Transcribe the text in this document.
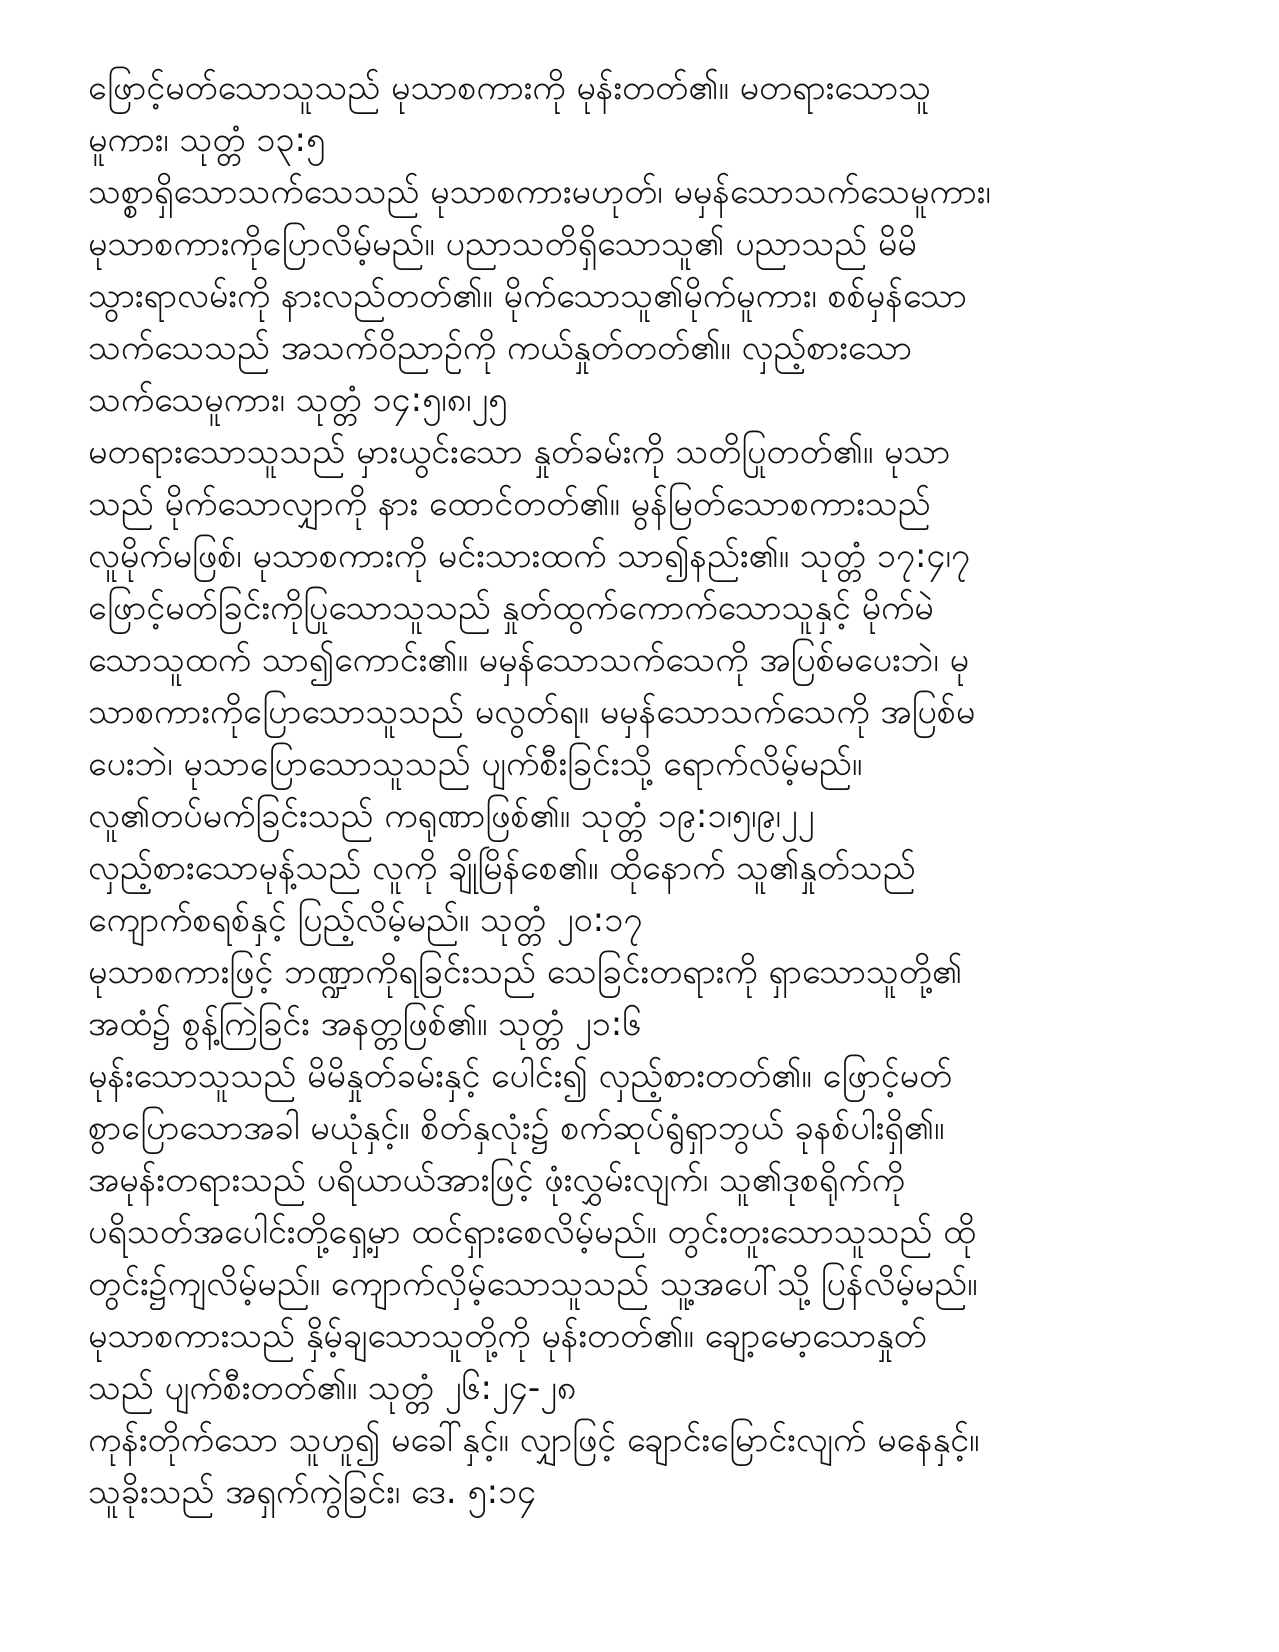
ဖြောင့်မတ်သောသူသည် မုသာစကားကို မုန်းတတ်၏။ မတရားသောသူ
မူကား၊ သုတ္တံ ၁၃:၅
သစ္စာရှိသောသက်သေသည် မုသာစကားမဟုတ်၊ မမှန်သောသက်သေမူကား၊
မုသာစကားကိုပြောလိမ့်မည်။ ပညာသတိရှိသောသူ၏ ပညာသည် မိမိ
သွားရာလမ်းကို နားလည်တတ်၏။ မိုက်သောသူ၏မိုက်မူကား၊ စစ်မှန်သော
သက်သေသည် အသက်ဝိညာဉ်ကို ကယ်နှုတ်တတ်၏။ လှည့်စားသော
သက်သေမူကား၊ သုတ္တံ ၁၄:၅၊၈၊၂၅
မတရားသောသူသည် မှားယွင်းသော နှုတ်ခမ်းကို သတိပြုတတ်၏။ မုသာ
သည် မိုက်သောလျှာကို နား ထောင်တတ်၏။ မွန်မြတ်သောစကားသည်
လူမိုက်မဖြစ်၊ မုသာစကားကို မင်းသားထက် သာ၍နည်း၏။ သုတ္တံ ၁၇:၄၊၇
ဖြောင့်မတ်ခြင်းကိုပြုသောသူသည် နှုတ်ထွက်ကောက်သောသူနှင့် မိုက်မဲ
သောသူထက် သာ၍ကောင်း၏။ မမှန်သောသက်သေကို အပြစ်မပေးဘဲ၊ မု
သာစကားကိုပြောသောသူသည် မလွတ်ရ။ မမှန်သောသက်သေကို အပြစ်မ
ပေးဘဲ၊ မုသာပြောသောသူသည် ပျက်စီးခြင်းသို့ ရောက်လိမ့်မည်။
လူ၏တပ်မက်ခြင်းသည် ကရုဏာဖြစ်၏။ သုတ္တံ ၁၉:၁၊၅၊၉၊၂၂
လှည့်စားသောမုန့်သည် လူကို ချိုမြိန်စေ၏။ ထိုနောက် သူ၏နှုတ်သည်
ကျောက်စရစ်နှင့် ပြည့်လိမ့်မည်။ သုတ္တံ ၂၀:၁၇
မုသာစကားဖြင့် ဘဏ္ဍာကိုရခြင်းသည် သေခြင်းတရားကို ရှာသောသူတို့၏
အထံ၌ စွန့်ကြဲခြင်း အနတ္တဖြစ်၏။ သုတ္တံ ၂၁:၆
မုန်းသောသူသည် မိမိနှုတ်ခမ်းနှင့် ပေါင်း၍ လှည့်စားတတ်၏။ ဖြောင့်မတ်
စွာပြောသောအခါ မယုံနှင့်။ စိတ်နှလုံး၌ စက်ဆုပ်ရွံရှာဘွယ် ခုနစ်ပါးရှိ၏။
အမုန်းတရားသည် ပရိယာယ်အားဖြင့် ဖုံးလွှမ်းလျက်၊ သူ၏ဒုစရိုက်ကို
ပရိသတ်အပေါင်းတို့ရှေ့မှာ ထင်ရှားစေလိမ့်မည်။ တွင်းတူးသောသူသည် ထို
တွင်း၌ကျလိမ့်မည်။ ကျောက်လှိမ့်သောသူသည် သူ့အပေါ်သို့ ပြန်လိမ့်မည်။
မုသာစကားသည် နှိမ့်ချသောသူတို့ကို မုန်းတတ်၏။ ချော့မော့သောနှုတ်
သည် ပျက်စီးတတ်၏။ သုတ္တံ ၂၆:၂၄-၂၈
ကုန်းတိုက်သော သူဟူ၍ မခေါ်နှင့်။ လျှာဖြင့် ချောင်းမြောင်းလျက် မနေနှင့်။
သူခိုးသည် အရှက်ကွဲခြင်း၊ ဒေ. ၅:၁၄
